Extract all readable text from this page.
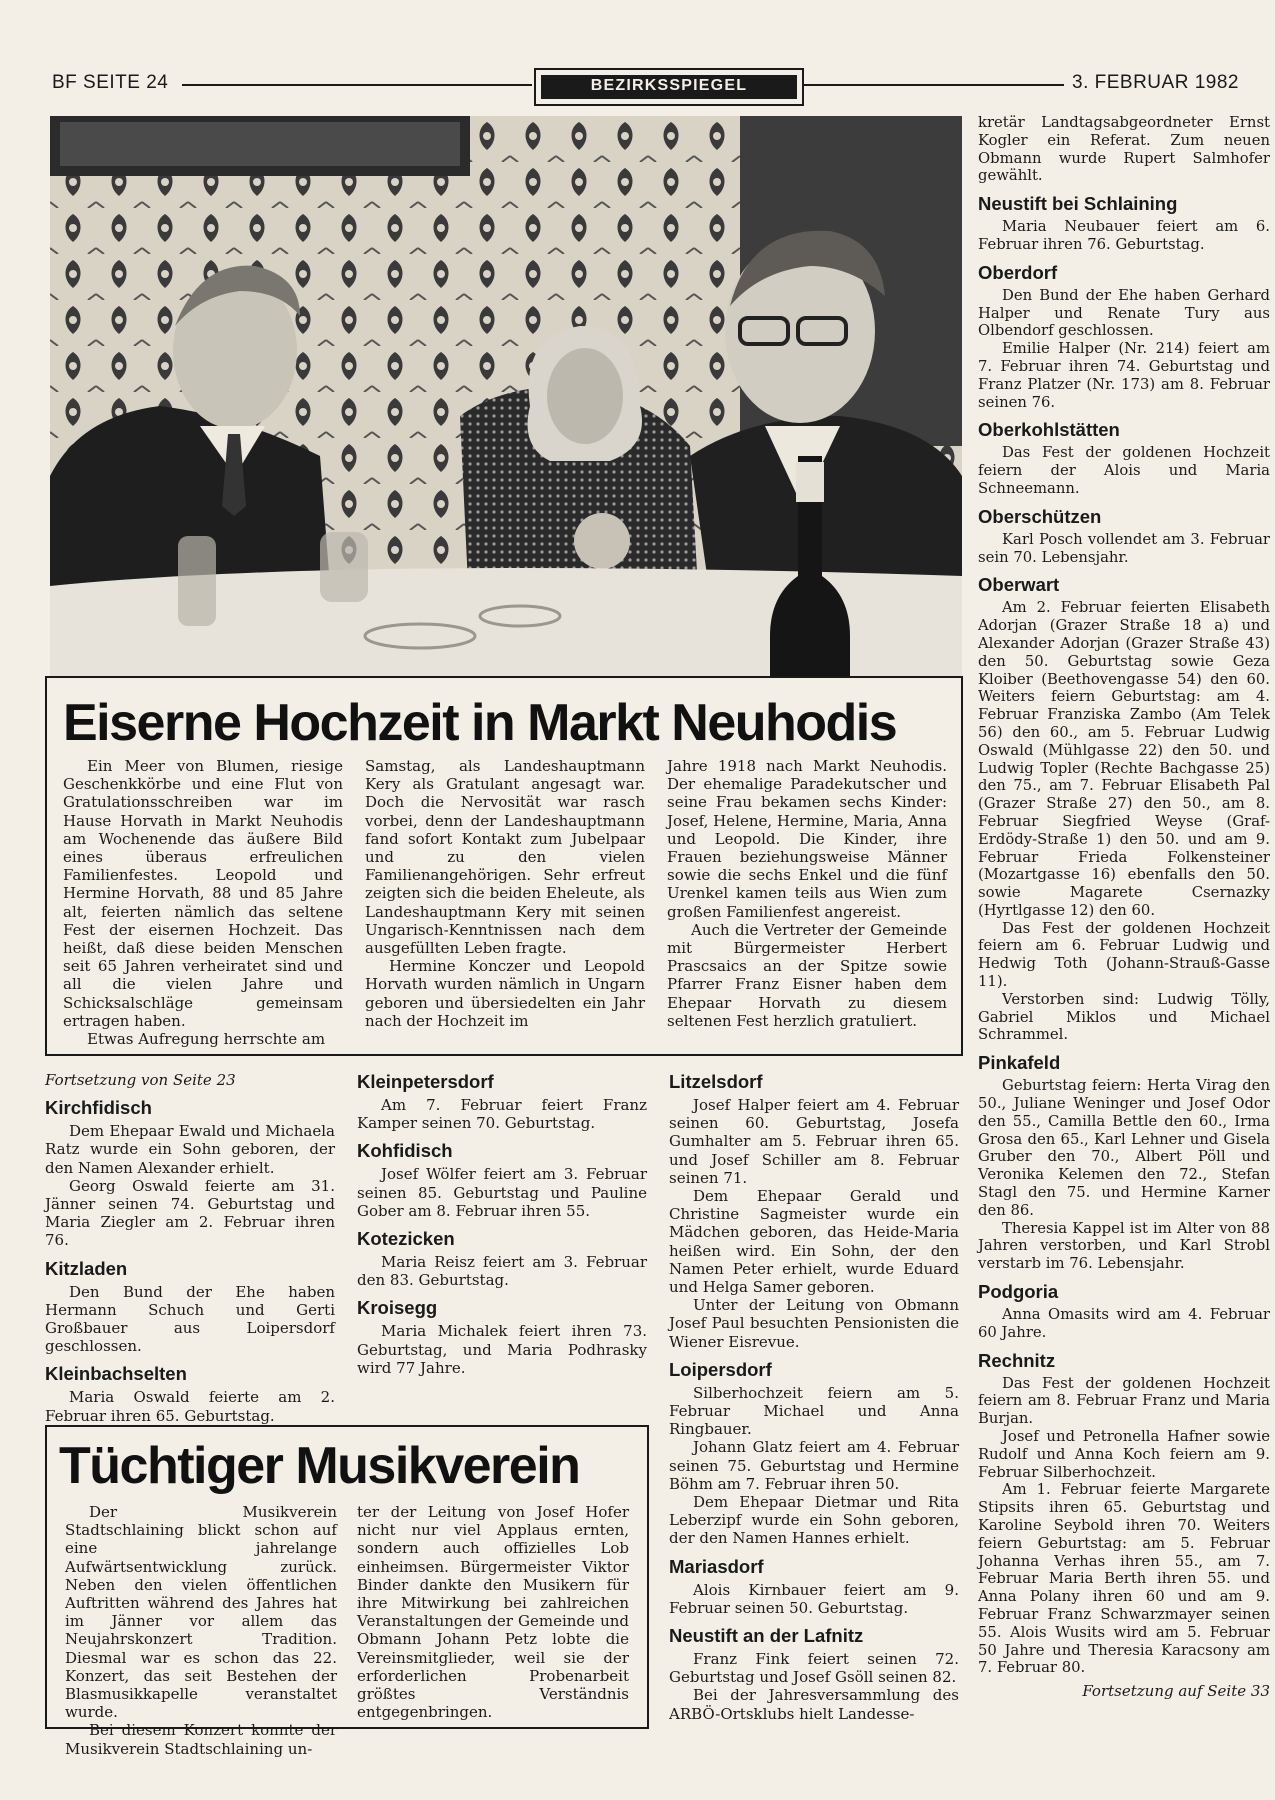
BF SEITE 24	BEZIRKSSPIEGEL	3. FEBRUAR 1982
Eiserne Hochzeit in Markt Neuhodis

Ein Meer von Blumen, riesige Geschenkkörbe und eine Flut von Gratulationsschreiben war im Hause Horvath in Markt Neuhodis am Wochenende das äußere Bild eines überaus erfreulichen Familienfestes. Leopold und Hermine Horvath, 88 und 85 Jahre alt, feierten nämlich das seltene Fest der eisernen Hochzeit. Das heißt, daß diese beiden Menschen seit 65 Jahren verheiratet sind und all die vielen Jahre und Schicksalschläge gemeinsam ertragen haben.

Etwas Aufregung herrschte am

Samstag, als Landeshauptmann Kery als Gratulant angesagt war. Doch die Nervosität war rasch vorbei, denn der Landeshauptmann fand sofort Kontakt zum Jubelpaar und zu den vielen Familienangehörigen. Sehr erfreut zeigten sich die beiden Eheleute, als Landeshauptmann Kery mit seinen Ungarisch-Kenntnissen nach dem ausgefüllten Leben fragte.

Hermine Konczer und Leopold Horvath wurden nämlich in Ungarn geboren und übersiedelten ein Jahr nach der Hochzeit im

Jahre 1918 nach Markt Neuhodis. Der ehemalige Paradekutscher und seine Frau bekamen sechs Kinder: Josef, Helene, Hermine, Maria, Anna und Leopold. Die Kinder, ihre Frauen beziehungsweise Männer sowie die sechs Enkel und die fünf Urenkel kamen teils aus Wien zum großen Familienfest angereist.

Auch die Vertreter der Gemeinde mit Bürgermeister Herbert Prascsaics an der Spitze sowie Pfarrer Franz Eisner haben dem Ehepaar Horvath zu diesem seltenen Fest herzlich gratuliert.

Fortsetzung von Seite 23
Kirchfidisch

Dem Ehepaar Ewald und Michaela Ratz wurde ein Sohn geboren, der den Namen Alexander erhielt.

Georg Oswald feierte am 31. Jänner seinen 74. Geburtstag und Maria Ziegler am 2. Februar ihren 76.

Kitzladen

Den Bund der Ehe haben Hermann Schuch und Gerti Großbauer aus Loipersdorf geschlossen.

Kleinbachselten

Maria Oswald feierte am 2. Februar ihren 65. Geburtstag.

Kleinpetersdorf

Am 7. Februar feiert Franz Kamper seinen 70. Geburtstag.

Kohfidisch

Josef Wölfer feiert am 3. Februar seinen 85. Geburtstag und Pauline Gober am 8. Februar ihren 55.

Kotezicken

Maria Reisz feiert am 3. Februar den 83. Geburtstag.

Kroisegg

Maria Michalek feiert ihren 73. Geburtstag, und Maria Podhrasky wird 77 Jahre.

Litzelsdorf

Josef Halper feiert am 4. Februar seinen 60. Geburtstag, Josefa Gumhalter am 5. Februar ihren 65. und Josef Schiller am 8. Februar seinen 71.

Dem Ehepaar Gerald und Christine Sagmeister wurde ein Mädchen geboren, das Heide-Maria heißen wird. Ein Sohn, der den Namen Peter erhielt, wurde Eduard und Helga Samer geboren.

Unter der Leitung von Obmann Josef Paul besuchten Pensionisten die Wiener Eisrevue.

Loipersdorf

Silberhochzeit feiern am 5. Februar Michael und Anna Ringbauer.

Johann Glatz feiert am 4. Februar seinen 75. Geburtstag und Hermine Böhm am 7. Februar ihren 50.

Dem Ehepaar Dietmar und Rita Leberzipf wurde ein Sohn geboren, der den Namen Hannes erhielt.

Mariasdorf

Alois Kirnbauer feiert am 9. Februar seinen 50. Geburtstag.

Neustift an der Lafnitz

Franz Fink feiert seinen 72. Geburtstag und Josef Gsöll seinen 82.

Bei der Jahresversammlung des ARBÖ-Ortsklubs hielt Landesse-

kretär Landtagsabgeordneter Ernst Kogler ein Referat. Zum neuen Obmann wurde Rupert Salmhofer gewählt.

Neustift bei Schlaining

Maria Neubauer feiert am 6. Februar ihren 76. Geburtstag.

Oberdorf

Den Bund der Ehe haben Gerhard Halper und Renate Tury aus Olbendorf geschlossen.

Emilie Halper (Nr. 214) feiert am 7. Februar ihren 74. Geburtstag und Franz Platzer (Nr. 173) am 8. Februar seinen 76.

Oberkohlstätten

Das Fest der goldenen Hochzeit feiern der Alois und Maria Schneemann.

Oberschützen

Karl Posch vollendet am 3. Februar sein 70. Lebensjahr.

Oberwart

Am 2. Februar feierten Elisabeth Adorjan (Grazer Straße 18 a) und Alexander Adorjan (Grazer Straße 43) den 50. Geburtstag sowie Geza Kloiber (Beethovengasse 54) den 60. Weiters feiern Geburtstag: am 4. Februar Franziska Zambo (Am Telek 56) den 60., am 5. Februar Ludwig Oswald (Mühlgasse 22) den 50. und Ludwig Topler (Rechte Bachgasse 25) den 75., am 7. Februar Elisabeth Pal (Grazer Straße 27) den 50., am 8. Februar Siegfried Weyse (Graf-Erdödy-Straße 1) den 50. und am 9. Februar Frieda Folkensteiner (Mozartgasse 16) ebenfalls den 50. sowie Magarete Csernazky (Hyrtlgasse 12) den 60.

Das Fest der goldenen Hochzeit feiern am 6. Februar Ludwig und Hedwig Toth (Johann-Strauß-Gasse 11).

Verstorben sind: Ludwig Tölly, Gabriel Miklos und Michael Schrammel.

Pinkafeld

Geburtstag feiern: Herta Virag den 50., Juliane Weninger und Josef Odor den 55., Camilla Bettle den 60., Irma Grosa den 65., Karl Lehner und Gisela Gruber den 70., Albert Pöll und Veronika Kelemen den 72., Stefan Stagl den 75. und Hermine Karner den 86.

Theresia Kappel ist im Alter von 88 Jahren verstorben, und Karl Strobl verstarb im 76. Lebensjahr.

Podgoria

Anna Omasits wird am 4. Februar 60 Jahre.

Rechnitz

Das Fest der goldenen Hochzeit feiern am 8. Februar Franz und Maria Burjan.

Josef und Petronella Hafner sowie Rudolf und Anna Koch feiern am 9. Februar Silberhochzeit.

Am 1. Februar feierte Margarete Stipsits ihren 65. Geburtstag und Karoline Seybold ihren 70. Weiters feiern Geburtstag: am 5. Februar Johanna Verhas ihren 55., am 7. Februar Maria Berth ihren 55. und Anna Polany ihren 60 und am 9. Februar Franz Schwarzmayer seinen 55. Alois Wusits wird am 5. Februar 50 Jahre und Theresia Karacsony am 7. Februar 80.

Fortsetzung auf Seite 33
Tüchtiger Musikverein

Der Musikverein Stadtschlaining blickt schon auf eine jahrelange Aufwärtsentwicklung zurück. Neben den vielen öffentlichen Auftritten während des Jahres hat im Jänner vor allem das Neujahrskonzert Tradition. Diesmal war es schon das 22. Konzert, das seit Bestehen der Blasmusikkapelle veranstaltet wurde.

Bei diesem Konzert konnte der Musikverein Stadtschlaining un-

ter der Leitung von Josef Hofer nicht nur viel Applaus ernten, sondern auch offizielles Lob einheimsen. Bürgermeister Viktor Binder dankte den Musikern für ihre Mitwirkung bei zahlreichen Veranstaltungen der Gemeinde und Obmann Johann Petz lobte die Vereinsmitglieder, weil sie der erforderlichen Probenarbeit größtes Verständnis entgegenbringen.
